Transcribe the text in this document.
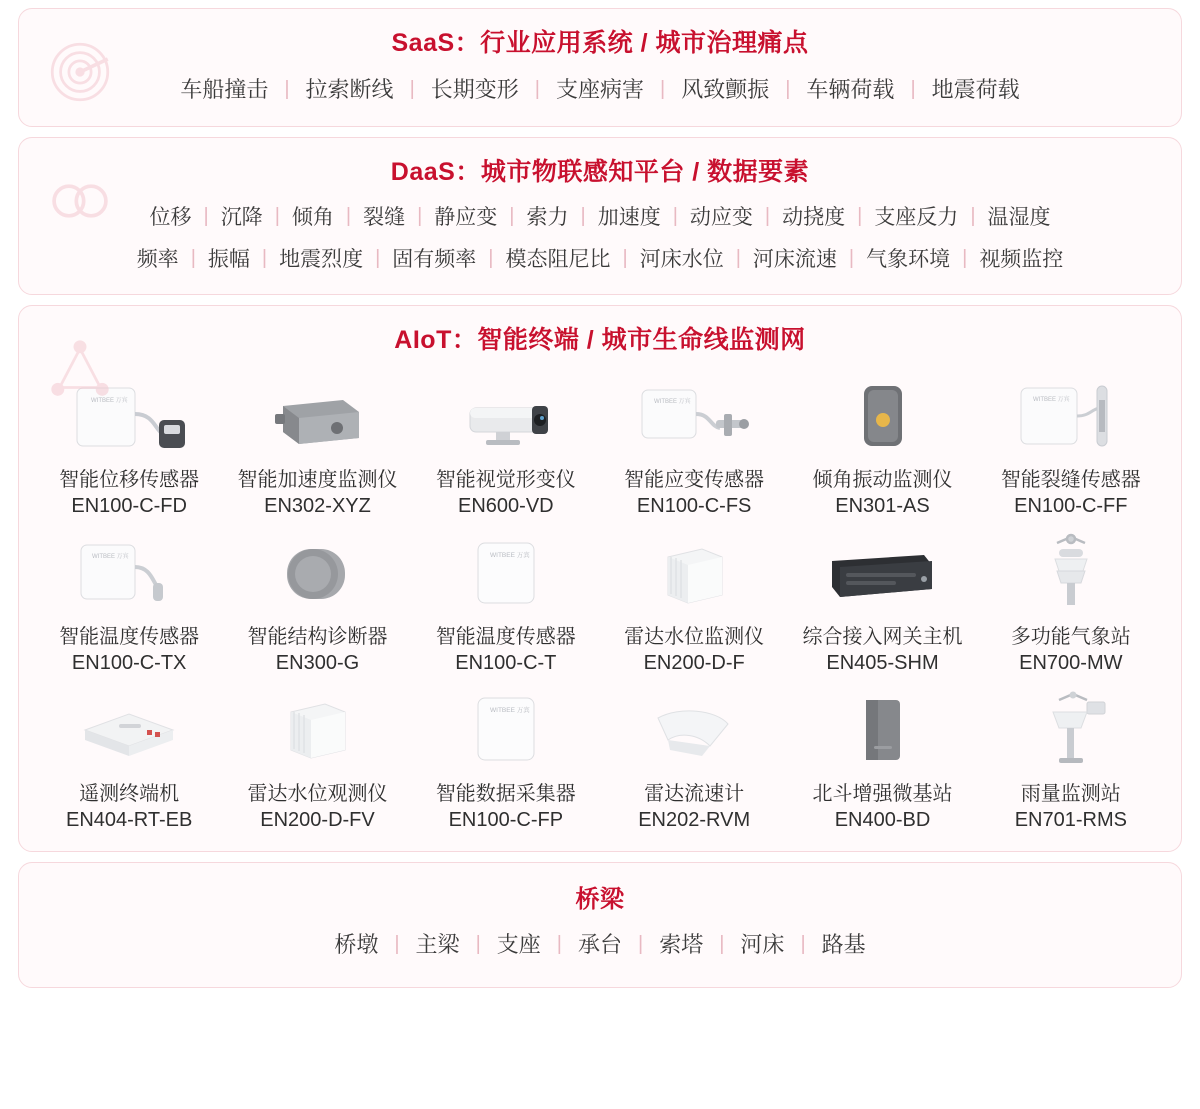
SaaS：行业应用系统 / 城市治理痛点
车船撞击 | 拉索断线 | 长期变形 | 支座病害 | 风致颤振 | 车辆荷载 | 地震荷载
DaaS：城市物联感知平台 / 数据要素
位移 | 沉降 | 倾角 | 裂缝 | 静应变 | 索力 | 加速度 | 动应变 | 动挠度 | 支座反力 | 温湿度
频率 | 振幅 | 地震烈度 | 固有频率 | 模态阻尼比 | 河床水位 | 河床流速 | 气象环境 | 视频监控
AIoT：智能终端 / 城市生命线监测网
WITBEE 万宾
智能位移传感器
EN100-C-FD
智能加速度监测仪
EN302-XYZ
智能视觉形变仪
EN600-VD
WITBEE 万宾
智能应变传感器
EN100-C-FS
倾角振动监测仪
EN301-AS
WITBEE 万宾
智能裂缝传感器
EN100-C-FF
WITBEE 万宾
智能温度传感器
EN100-C-TX
智能结构诊断器
EN300-G
WITBEE 万宾
智能温度传感器
EN100-C-T
雷达水位监测仪
EN200-D-F
综合接入网关主机
EN405-SHM
多功能气象站
EN700-MW
遥测终端机
EN404-RT-EB
雷达水位观测仪
EN200-D-FV
WITBEE 万宾
智能数据采集器
EN100-C-FP
雷达流速计
EN202-RVM
北斗增强微基站
EN400-BD
雨量监测站
EN701-RMS
桥梁
桥墩 | 主梁 | 支座 | 承台 | 索塔 | 河床 | 路基
